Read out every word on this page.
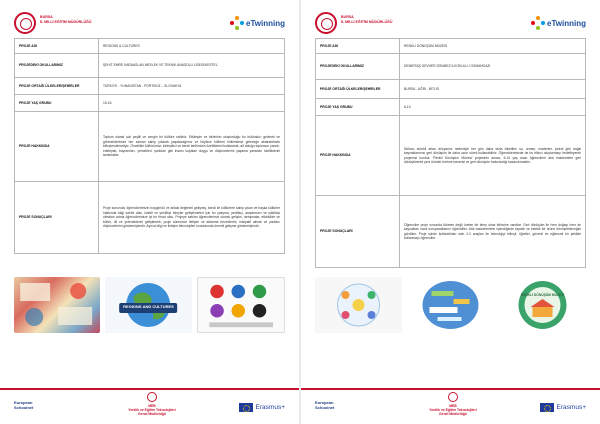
BURSA
İL MİLLİ EĞİTİM MÜDÜRLÜĞÜ	eTwinning
PROJE ADI	REGIONS & CULTURES
PROJEDEKİ OKULLARIMIZ	ŞEHİT EMRE KARAASLAN MESLEK VE TEKNİK ANADOLU LİSESİ/KESTEL
PROJE ORTAĞI ÜLKELER/ŞEHİRLER	TÜRKİYE - YUNANİSTAN - PORTEKİZ – SLOVAKYA
PROJE YAŞ GRUBU	15-18
PROJE HAKKINDA	Toplum olarak çok çeşitli ve zengin bir kültüre sahibiz. Etkileşim ve birbirinin oluşturduğu bu bütünsüz; gelenek ve göreneklerimize her zaman sahip çıkarak yaşatacağımız ve böylece kültürel birikimimizi geleceğe aktarabilmek bilinçlendirmeliyiz. Öncelikle kültürümüz, birleştirici ve kendi tarihimizin özelliklerini kullanarak, ait olduğu toplumun yanıdı, edebiyatı, bayramları, yemekleri, şarkıları gibi insanı kuşatan duygu ve düşüncelerini yaşama yansıtan özelliklerini tanıtmaktır.
PROJE SONUÇLARI	Proje sonunda; öğrencilerimizin hoşgörülü ve ahlaki değerleri gelişmiş, kendi ile kültürlere sahip çıkan ve başka kültürler hakkında bilgi sahibi olan, istekli ve yenilikçi bireyler geliştirmeleri için bu çalışma, yenilikçi, araştırmacı ve işbirlikçi olmaları adına öğrencilerimize iyi bir fırsat oldu. Projeye katılan öğrencilerimiz olumlu gelişim, tartışmalar, etkinlikler ve kültür, dil ve yeteneklerini geliştirmek, proje süresince iletişim ve aktarma becerilerini, inisiyatif almak ve yaratıcı düşüncelerini göstermişlerdir. Ayrıca bilgi ve iletişim teknolojileri konularında önemli gelişme göstermişlerdir.
REGIONS AND CULTURES
European
Schoolnet	MEB
Yenilik ve Eğitim Teknolojileri
Genel Müdürlüğü
Erasmus+
BURSA
İL MİLLİ EĞİTİM MÜDÜRLÜĞÜ	eTwinning
PROJE ADI	RENKLİ DÖNÜŞÜM MÜZESİ
PROJEDEKİ OKULLARIMIZ	DEMİRTAŞ GEVHER SÖNMEZ İLKOKULU / OSMANGAZİ
PROJE ORTAĞI ÜLKELER/ŞEHİRLER	BURSA - AĞRI - BİTLİS
PROJE YAŞ GRUBU	6-10
PROJE HAKKINDA	Nüfusu sürekli artan dünyamız nedeniyle her gün daha fazla tüketilen su, orman, madenler, petrol gibi doğal kaynaklarımızı geri dönüşüm ile daha uzun süreli kullanabiliriz. Öğrencilerimizde de bu bilinci oluşturmayı hedefleyerek projemizi kurduk. 'Renkli Dönüşüm Müzesi' projesinin amacı, 6-10 yaş arası öğrencilere atık malzemeler geri dönüştürerek yeni ürünler üretme becerisi ve geri dönüşüm farkındalığı kazandırmaktır.
PROJE SONUÇLARI	Öğrenciler proje sonunda tüketen değil üreten bir birey olma bilincine vardılar. Geri dönüşüm ile hem doğayı hem de kaynakları nasıl koruyacaklarını öğrendiler. Atık malzemelerin işlendiğinde faydalı ve estetik bir ürüne dönüşebileceğini gördüler. Proje içinde kullandıkları web 2.0 araçları ile teknolojiyi bilinçli, öğretici, güvenli ve eğlenceli bir şekilde kullanmayı öğrenciler.
RENKLİ DÖNÜŞÜM MÜZESİ
European
Schoolnet	MEB
Yenilik ve Eğitim Teknolojileri
Genel Müdürlüğü
Erasmus+
